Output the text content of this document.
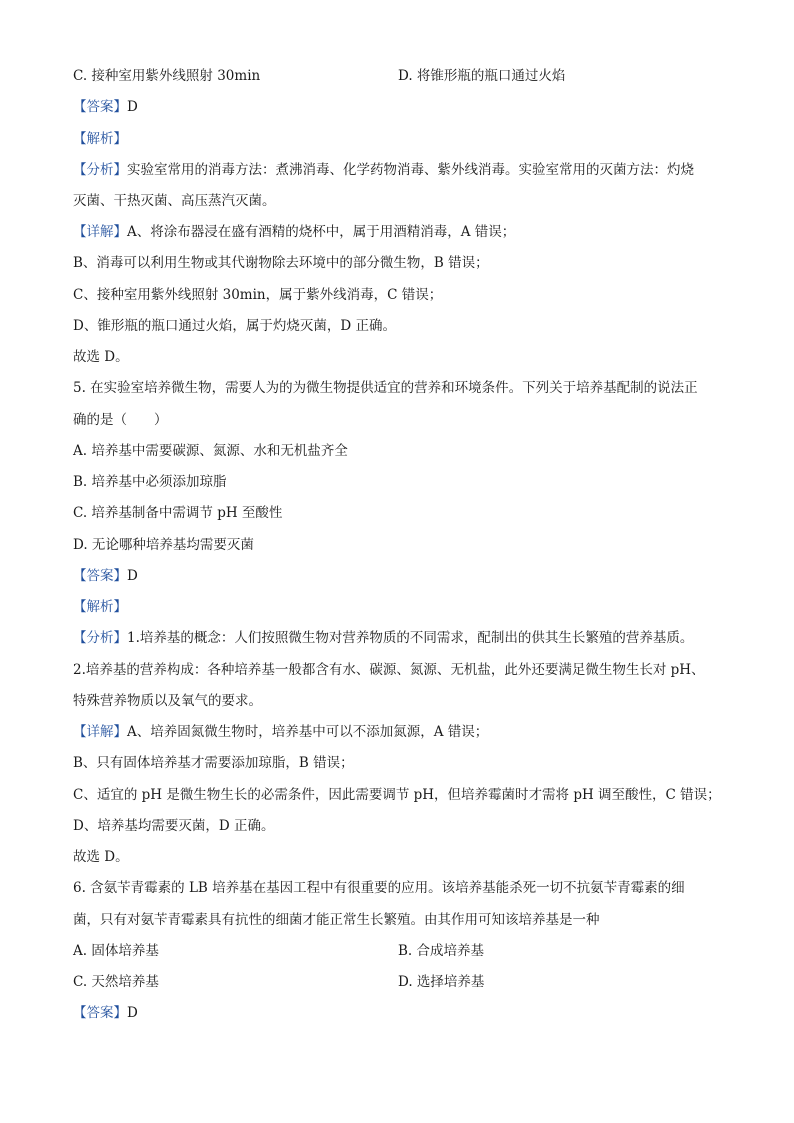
C. 接种室用紫外线照射 30min	D. 将锥形瓶的瓶口通过火焰
【答案】D
【解析】
【分析】实验室常用的消毒方法：煮沸消毒、化学药物消毒、紫外线消毒。实验室常用的灭菌方法：灼烧
灭菌、干热灭菌、高压蒸汽灭菌。
【详解】A、将涂布器浸在盛有酒精的烧杯中，属于用酒精消毒，A 错误；
B、消毒可以利用生物或其代谢物除去环境中的部分微生物，B 错误；
C、接种室用紫外线照射 30min，属于紫外线消毒，C 错误；
D、锥形瓶的瓶口通过火焰，属于灼烧灭菌，D 正确。
故选 D。
5. 在实验室培养微生物，需要人为的为微生物提供适宜的营养和环境条件。下列关于培养基配制的说法正
确的是（　　）
A. 培养基中需要碳源、氮源、水和无机盐齐全
B. 培养基中必须添加琼脂
C. 培养基制备中需调节 pH 至酸性
D. 无论哪种培养基均需要灭菌
【答案】D
【解析】
【分析】1.培养基的概念：人们按照微生物对营养物质的不同需求，配制出的供其生长繁殖的营养基质。
2.培养基的营养构成：各种培养基一般都含有水、碳源、氮源、无机盐，此外还要满足微生物生长对 pH、
特殊营养物质以及氧气的要求。
【详解】A、培养固氮微生物时，培养基中可以不添加氮源，A 错误；
B、只有固体培养基才需要添加琼脂，B 错误；
C、适宜的 pH 是微生物生长的必需条件，因此需要调节 pH，但培养霉菌时才需将 pH 调至酸性，C 错误；
D、培养基均需要灭菌，D 正确。
故选 D。
6. 含氨苄青霉素的 LB 培养基在基因工程中有很重要的应用。该培养基能杀死一切不抗氨苄青霉素的细
菌，只有对氨苄青霉素具有抗性的细菌才能正常生长繁殖。由其作用可知该培养基是一种
A. 固体培养基	B. 合成培养基
C. 天然培养基	D. 选择培养基
【答案】D
